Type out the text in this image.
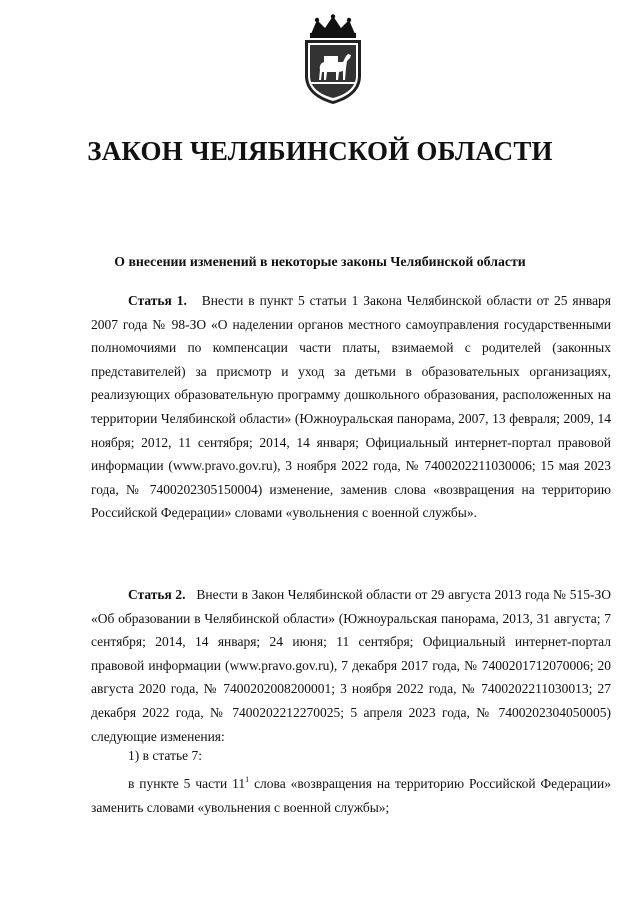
ЗАКОН ЧЕЛЯБИНСКОЙ ОБЛАСТИ
О внесении изменений в некоторые законы Челябинской области

Статья 1. Внести в пункт 5 статьи 1 Закона Челябинской области от 25 января 2007 года № 98-ЗО «О наделении органов местного самоуправления государственными полномочиями по компенсации части платы, взимаемой с родителей (законных представителей) за присмотр и уход за детьми в образовательных организациях, реализующих образовательную программу дошкольного образования, расположенных на территории Челябинской области» (Южноуральская панорама, 2007, 13 февраля; 2009, 14 ноября; 2012, 11 сентября; 2014, 14 января; Официальный интернет-портал правовой информации (www.pravo.gov.ru), 3 ноября 2022 года, № 7400202211030006; 15 мая 2023 года, № 7400202305150004) изменение, заменив слова «возвращения на территорию Российской Федерации» словами «увольнения с военной службы».

Статья 2. Внести в Закон Челябинской области от 29 августа 2013 года № 515-ЗО «Об образовании в Челябинской области» (Южноуральская панорама, 2013, 31 августа; 7 сентября; 2014, 14 января; 24 июня; 11 сентября; Официальный интернет-портал правовой информации (www.pravo.gov.ru), 7 декабря 2017 года, № 7400201712070006; 20 августа 2020 года, № 7400202008200001; 3 ноября 2022 года, № 7400202211030013; 27 декабря 2022 года, № 7400202212270025; 5 апреля 2023 года, № 7400202304050005) следующие изменения:

1) в статье 7:

в пункте 5 части $11^1$ слова «возвращения на территорию Российской Федерации» заменить словами «увольнения с военной службы»;
